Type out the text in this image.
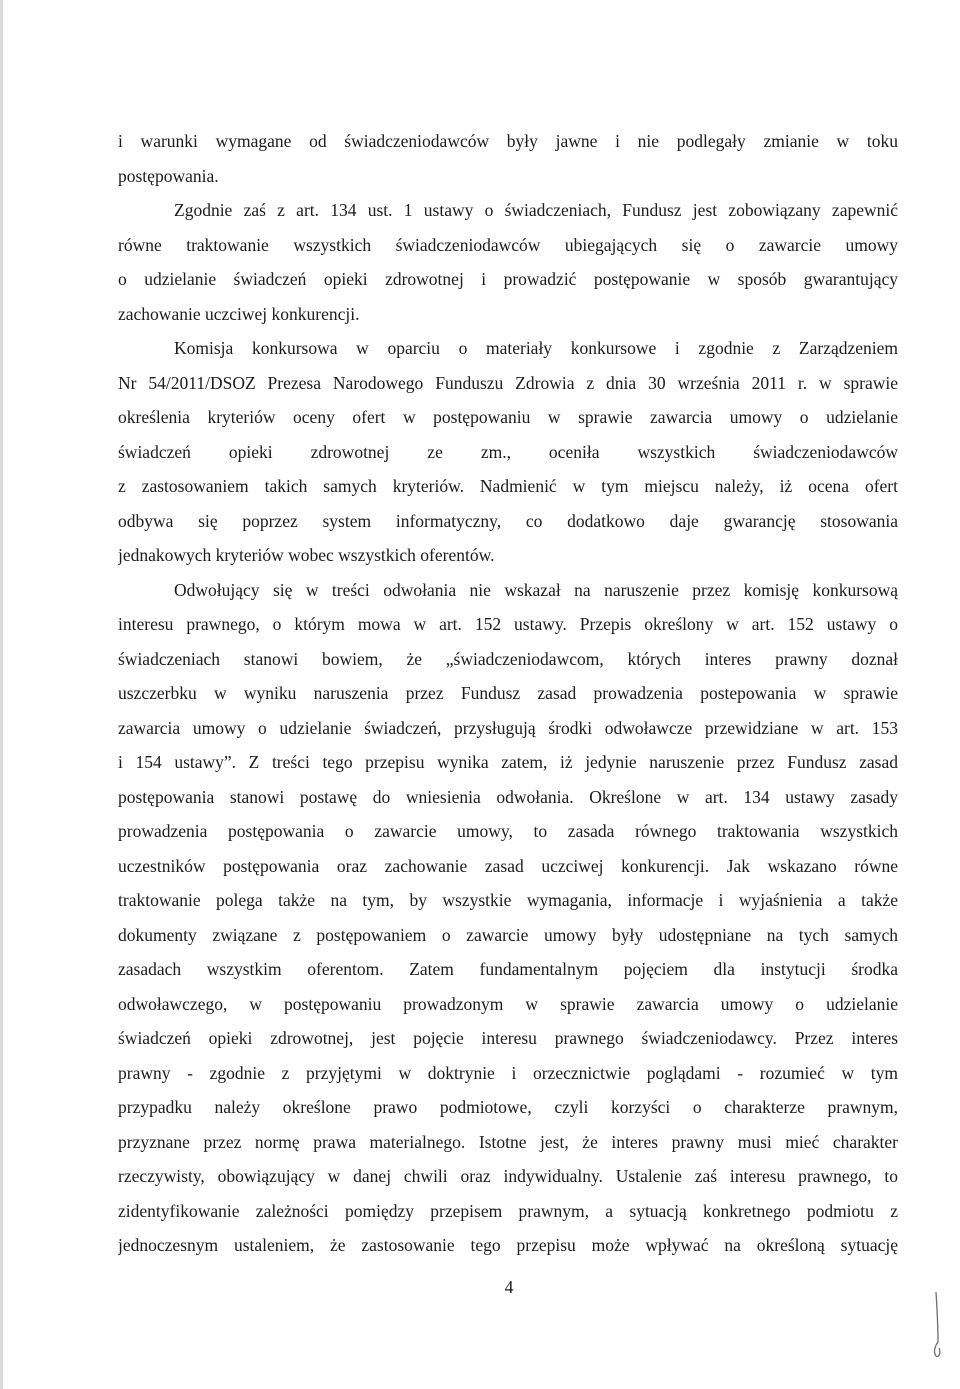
i warunki wymagane od świadczeniodawców były jawne i nie podlegały zmianie w toku
postępowania.
Zgodnie zaś z art. 134 ust. 1 ustawy o świadczeniach, Fundusz jest zobowiązany zapewnić
równe traktowanie wszystkich świadczeniodawców ubiegających się o zawarcie umowy
o udzielanie świadczeń opieki zdrowotnej i prowadzić postępowanie w sposób gwarantujący
zachowanie uczciwej konkurencji.
Komisja konkursowa w oparciu o materiały konkursowe i zgodnie z Zarządzeniem
Nr 54/2011/DSOZ Prezesa Narodowego Funduszu Zdrowia z dnia 30 września 2011 r. w sprawie
określenia kryteriów oceny ofert w postępowaniu w sprawie zawarcia umowy o udzielanie
świadczeń opieki zdrowotnej ze zm., oceniła wszystkich świadczeniodawców
z zastosowaniem takich samych kryteriów. Nadmienić w tym miejscu należy, iż ocena ofert
odbywa się poprzez system informatyczny, co dodatkowo daje gwarancję stosowania
jednakowych kryteriów wobec wszystkich oferentów.
Odwołujący się w treści odwołania nie wskazał na naruszenie przez komisję konkursową
interesu prawnego, o którym mowa w art. 152 ustawy. Przepis określony w art. 152 ustawy o
świadczeniach stanowi bowiem, że „świadczeniodawcom, których interes prawny doznał
uszczerbku w wyniku naruszenia przez Fundusz zasad prowadzenia postepowania w sprawie
zawarcia umowy o udzielanie świadczeń, przysługują środki odwoławcze przewidziane w art. 153
i 154 ustawy”. Z treści tego przepisu wynika zatem, iż jedynie naruszenie przez Fundusz zasad
postępowania stanowi postawę do wniesienia odwołania. Określone w art. 134 ustawy zasady
prowadzenia postępowania o zawarcie umowy, to zasada równego traktowania wszystkich
uczestników postępowania oraz zachowanie zasad uczciwej konkurencji. Jak wskazano równe
traktowanie polega także na tym, by wszystkie wymagania, informacje i wyjaśnienia a także
dokumenty związane z postępowaniem o zawarcie umowy były udostępniane na tych samych
zasadach wszystkim oferentom. Zatem fundamentalnym pojęciem dla instytucji środka
odwoławczego, w postępowaniu prowadzonym w sprawie zawarcia umowy o udzielanie
świadczeń opieki zdrowotnej, jest pojęcie interesu prawnego świadczeniodawcy. Przez interes
prawny - zgodnie z przyjętymi w doktrynie i orzecznictwie poglądami - rozumieć w tym
przypadku należy określone prawo podmiotowe, czyli korzyści o charakterze prawnym,
przyznane przez normę prawa materialnego. Istotne jest, że interes prawny musi mieć charakter
rzeczywisty, obowiązujący w danej chwili oraz indywidualny. Ustalenie zaś interesu prawnego, to
zidentyfikowanie zależności pomiędzy przepisem prawnym, a sytuacją konkretnego podmiotu z
jednoczesnym ustaleniem, że zastosowanie tego przepisu może wpływać na określoną sytuację
4
